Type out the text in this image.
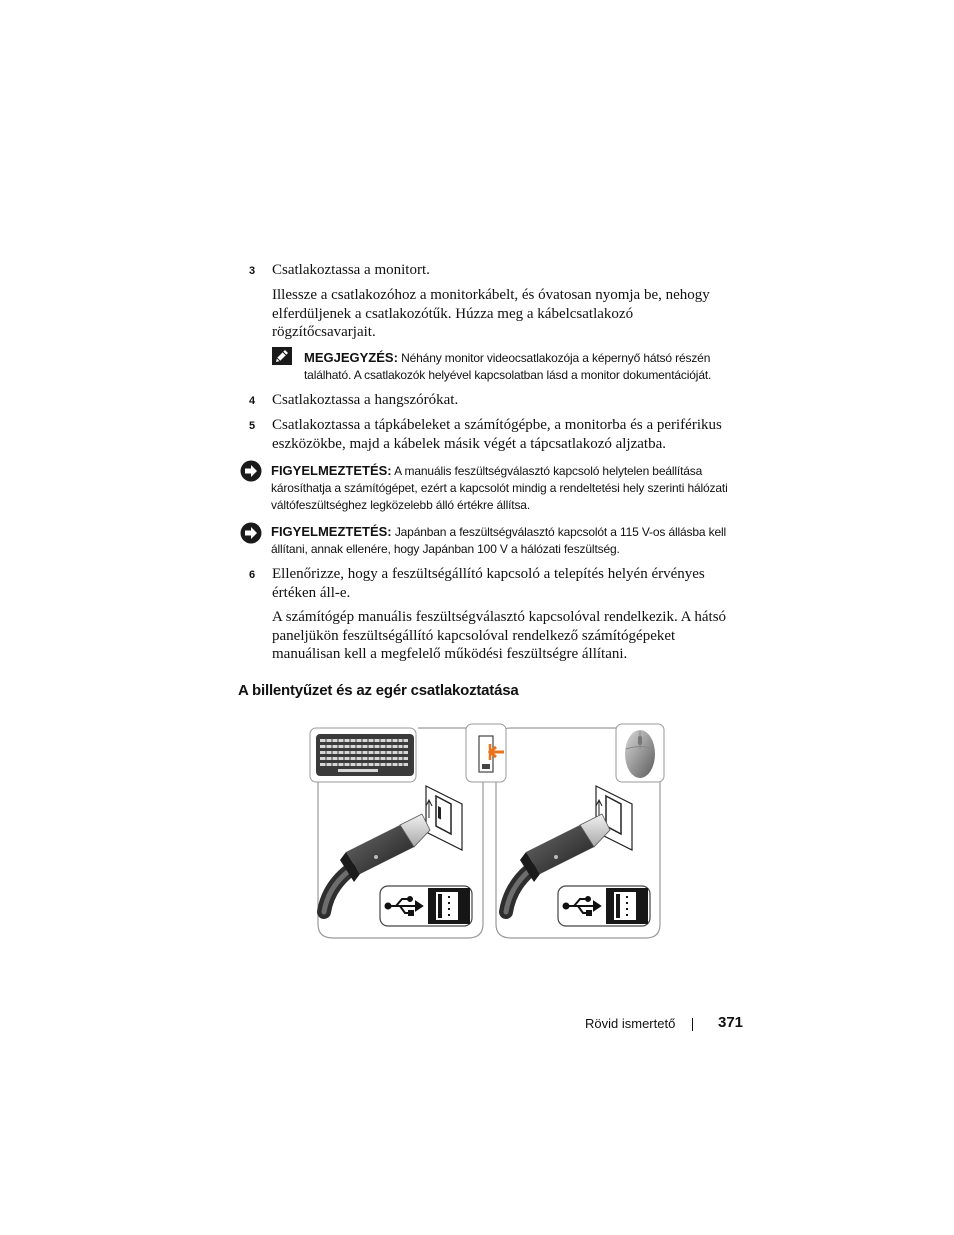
3 Csatlakoztassa a monitort.
Illessze a csatlakozóhoz a monitorkábelt, és óvatosan nyomja be, nehogy elferdüljenek a csatlakozótűk. Húzza meg a kábelcsatlakozó rögzítőcsavarjait.
MEGJEGYZÉS: Néhány monitor videocsatlakozója a képernyő hátsó részén található. A csatlakozók helyével kapcsolatban lásd a monitor dokumentációját.
4 Csatlakoztassa a hangszórókat.
5 Csatlakoztassa a tápkábeleket a számítógépbe, a monitorba és a periférikus eszközökbe, majd a kábelek másik végét a tápcsatlakozó aljzatba.
FIGYELMEZTETÉS: A manuális feszültségválasztó kapcsoló helytelen beállítása károsíthatja a számítógépet, ezért a kapcsolót mindig a rendeltetési hely szerinti hálózati váltófeszültséghez legközelebb álló értékre állítsa.
FIGYELMEZTETÉS: Japánban a feszültségválasztó kapcsolót a 115 V-os állásba kell állítani, annak ellenére, hogy Japánban 100 V a hálózati feszültség.
6 Ellenőrizze, hogy a feszültségállító kapcsoló a telepítés helyén érvényes értéken áll-e.
A számítógép manuális feszültségválasztó kapcsolóval rendelkezik. A hátsó paneljükön feszültségállító kapcsolóval rendelkező számítógépeket manuálisan kell a megfelelő működési feszültségre állítani.
A billentyűzet és az egér csatlakoztatása
Rövid ismertető	371
